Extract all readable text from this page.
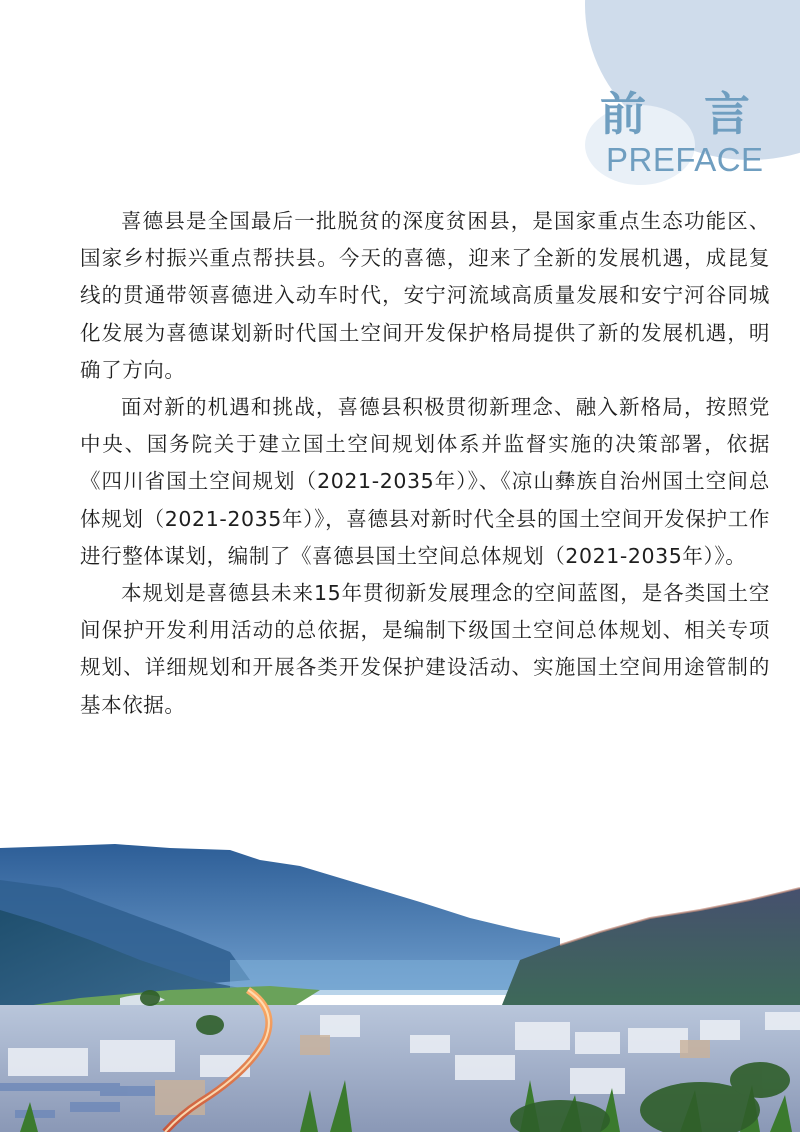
前 言
PREFACE

喜德县是全国最后一批脱贫的深度贫困县，是国家重点生态功能区、国家乡村振兴重点帮扶县。今天的喜德，迎来了全新的发展机遇，成昆复线的贯通带领喜德进入动车时代，安宁河流域高质量发展和安宁河谷同城化发展为喜德谋划新时代国土空间开发保护格局提供了新的发展机遇，明确了方向。

面对新的机遇和挑战，喜德县积极贯彻新理念、融入新格局，按照党中央、国务院关于建立国土空间规划体系并监督实施的决策部署，依据《四川省国土空间规划（2021-2035年）》、《凉山彝族自治州国土空间总体规划（2021-2035年）》，喜德县对新时代全县的国土空间开发保护工作进行整体谋划，编制了《喜德县国土空间总体规划（2021-2035年）》。

本规划是喜德县未来15年贯彻新发展理念的空间蓝图，是各类国土空间保护开发利用活动的总依据，是编制下级国土空间总体规划、相关专项规划、详细规划和开展各类开发保护建设活动、实施国土空间用途管制的基本依据。
